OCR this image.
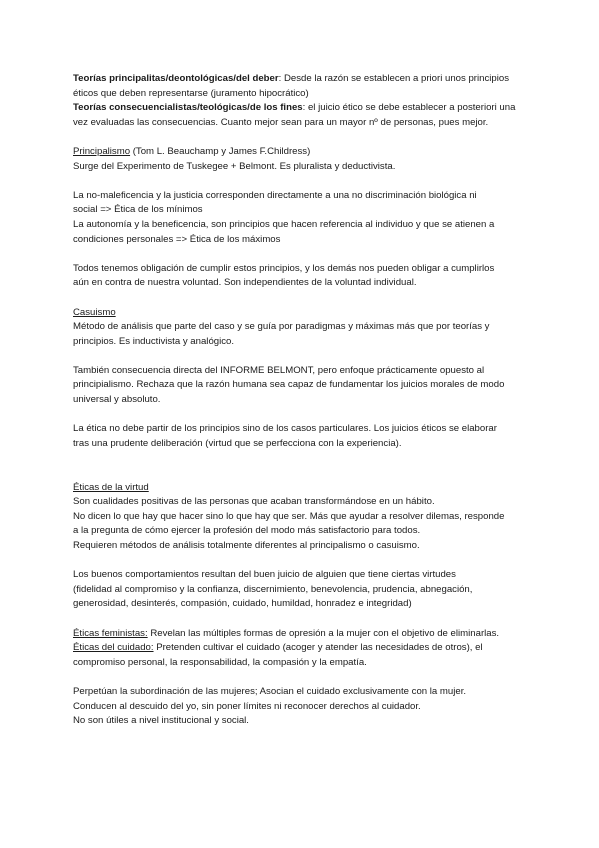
Teorías principalitas/deontológicas/del deber: Desde la razón se establecen a priori unos principios
éticos que deben representarse (juramento hipocrático)
Teorías consecuencialistas/teológicas/de los fines: el juicio ético se debe establecer a posteriori una
vez evaluadas las consecuencias. Cuanto mejor sean para un mayor nº de personas, pues mejor.
Principalismo (Tom L. Beauchamp y James F.Childress)
Surge del Experimento de Tuskegee + Belmont. Es pluralista y deductivista.
La no-maleficencia y la justicia corresponden directamente a una no discriminación biológica ni
social => Ética de los mínimos
La autonomía y la beneficencia, son principios que hacen referencia al individuo y que se atienen a
condiciones personales => Ética de los máximos
Todos tenemos obligación de cumplir estos principios, y los demás nos pueden obligar a cumplirlos
aún en contra de nuestra voluntad. Son independientes de la voluntad individual.
Casuismo
Método de análisis que parte del caso y se guía por paradigmas y máximas más que por teorías y
principios. Es inductivista y analógico.
También consecuencia directa del INFORME BELMONT, pero enfoque prácticamente opuesto al
principialismo. Rechaza que la razón humana sea capaz de fundamentar los juicios morales de modo
universal y absoluto.
La ética no debe partir de los principios sino de los casos particulares. Los juicios éticos se elaborar
tras una prudente deliberación (virtud que se perfecciona con la experiencia).
Éticas de la virtud
Son cualidades positivas de las personas que acaban transformándose en un hábito.
No dicen lo que hay que hacer sino lo que hay que ser. Más que ayudar a resolver dilemas, responde
a la pregunta de cómo ejercer la profesión del modo más satisfactorio para todos.
Requieren métodos de análisis totalmente diferentes al principalismo o casuismo.
Los buenos comportamientos resultan del buen juicio de alguien que tiene ciertas virtudes
(fidelidad al compromiso y la confianza, discernimiento, benevolencia, prudencia, abnegación,
generosidad, desinterés, compasión, cuidado, humildad, honradez e integridad)
Éticas feministas: Revelan las múltiples formas de opresión a la mujer con el objetivo de eliminarlas.
Éticas del cuidado: Pretenden cultivar el cuidado (acoger y atender las necesidades de otros), el
compromiso personal, la responsabilidad, la compasión y la empatía.
Perpetúan la subordinación de las mujeres; Asocian el cuidado exclusivamente con la mujer.
Conducen al descuido del yo, sin poner límites ni reconocer derechos al cuidador.
No son útiles a nivel institucional y social.
